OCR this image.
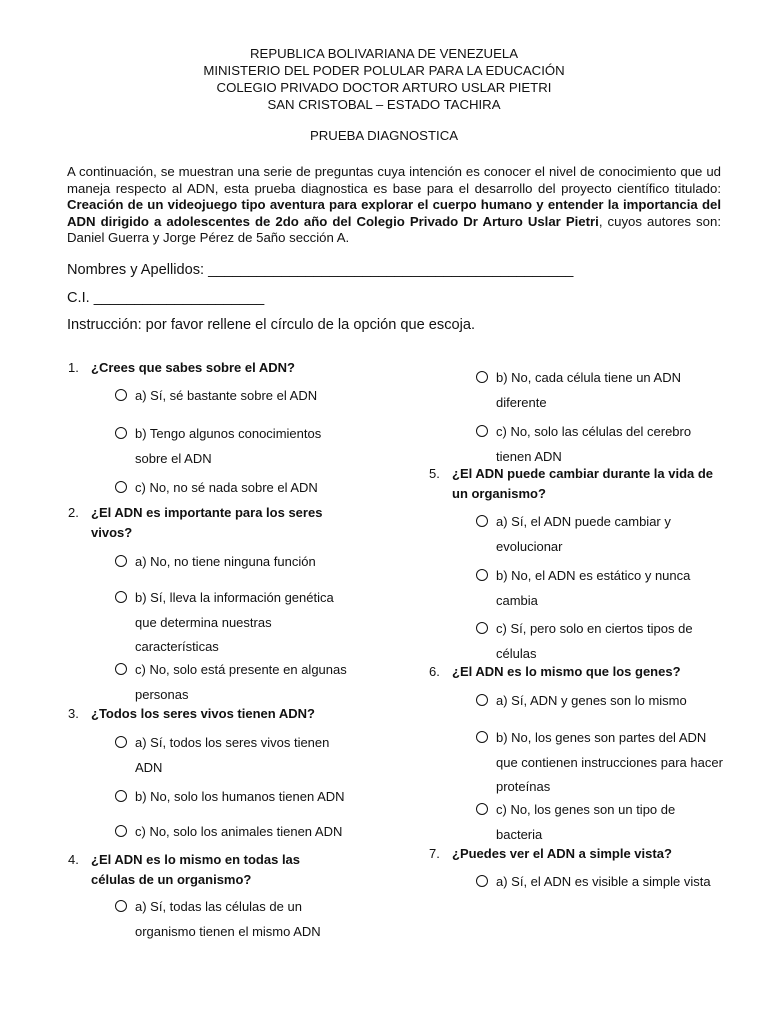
REPUBLICA BOLIVARIANA DE VENEZUELA
MINISTERIO DEL PODER POLULAR PARA LA EDUCACIÓN
COLEGIO PRIVADO DOCTOR ARTURO USLAR PIETRI
SAN CRISTOBAL – ESTADO TACHIRA
PRUEBA DIAGNOSTICA
A continuación, se muestran una serie de preguntas cuya intención es conocer el nivel de conocimiento que ud maneja respecto al ADN, esta prueba diagnostica es base para el desarrollo del proyecto científico titulado: Creación de un videojuego tipo aventura para explorar el cuerpo humano y entender la importancia del ADN dirigido a adolescentes de 2do año del Colegio Privado Dr Arturo Uslar Pietri, cuyos autores son: Daniel Guerra y Jorge Pérez de 5año sección A.
Nombres y Apellidos: _____________________________________________
C.I. _____________________
Instrucción: por favor rellene el círculo de la opción que escoja.
1. ¿Crees que sabes sobre el ADN?
a) Sí, sé bastante sobre el ADN
b) Tengo algunos conocimientos sobre el ADN
c) No, no sé nada sobre el ADN
2. ¿El ADN es importante para los seres vivos?
a) No, no tiene ninguna función
b) Sí, lleva la información genética que determina nuestras características
c) No, solo está presente en algunas personas
3. ¿Todos los seres vivos tienen ADN?
a) Sí, todos los seres vivos tienen ADN
b) No, solo los humanos tienen ADN
c) No, solo los animales tienen ADN
4. ¿El ADN es lo mismo en todas las células de un organismo?
a) Sí, todas las células de un organismo tienen el mismo ADN
b) No, cada célula tiene un ADN diferente
c) No, solo las células del cerebro tienen ADN
5. ¿El ADN puede cambiar durante la vida de un organismo?
a) Sí, el ADN puede cambiar y evolucionar
b) No, el ADN es estático y nunca cambia
c) Sí, pero solo en ciertos tipos de células
6. ¿El ADN es lo mismo que los genes?
a) Sí, ADN y genes son lo mismo
b) No, los genes son partes del ADN que contienen instrucciones para hacer proteínas
c) No, los genes son un tipo de bacteria
7. ¿Puedes ver el ADN a simple vista?
a) Sí, el ADN es visible a simple vista
